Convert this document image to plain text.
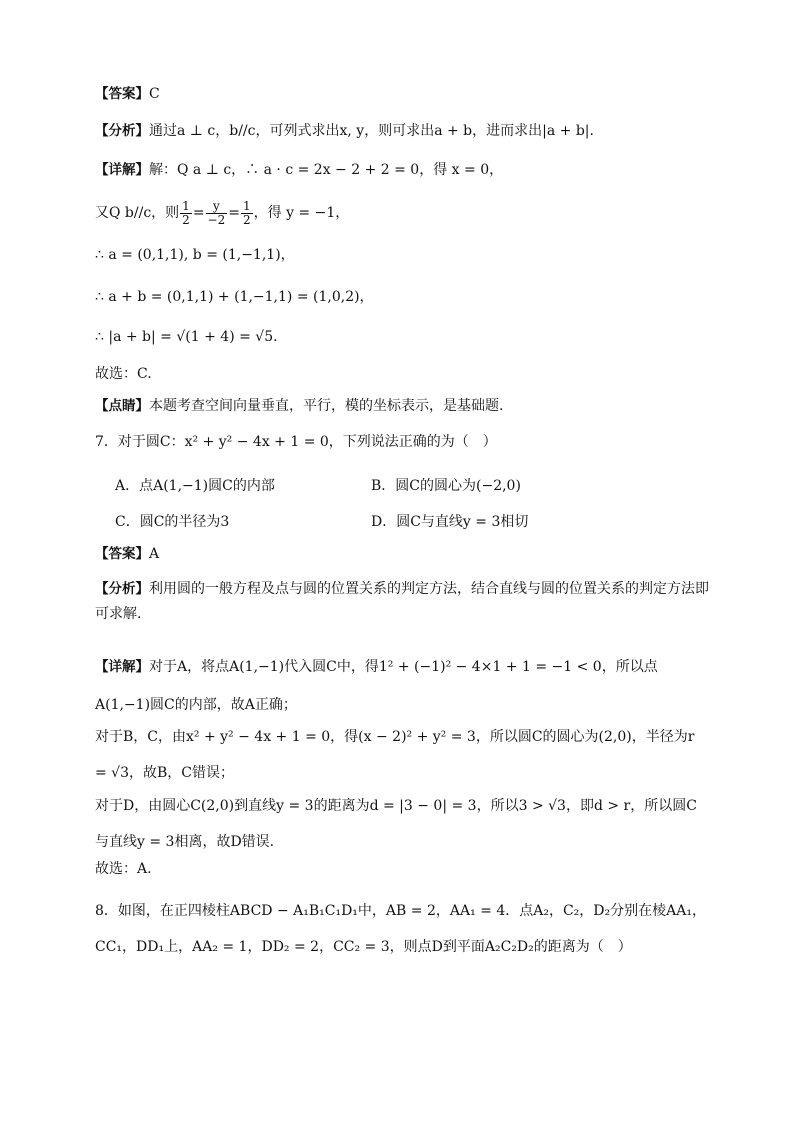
【答案】C
【分析】通过a ⊥ c，b//c，可列式求出x, y，则可求出a + b，进而求出|a + b|.
【详解】解：Q a ⊥ c，∴ a · c = 2x − 2 + 2 = 0，得 x = 0，
又Q b//c，则 $\frac{1}{2} = \frac{y}{-2} = \frac{1}{2}$ ，得 y = −1，
∴ a = (0,1,1), b = (1,−1,1)，
∴ a + b = (0,1,1) + (1,−1,1) = (1,0,2)，
∴ |a + b| = √(1 + 4) = √5.
故选：C.
【点睛】本题考查空间向量垂直，平行，模的坐标表示，是基础题.
7．对于圆C：x² + y² − 4x + 1 = 0，下列说法正确的为（　）
A．点A(1,−1)圆C的内部	B．圆C的圆心为(−2,0)
C．圆C的半径为3	D．圆C与直线y = 3相切
【答案】A
【分析】利用圆的一般方程及点与圆的位置关系的判定方法，结合直线与圆的位置关系的判定方法即可求解.
【详解】对于A，将点A(1,−1)代入圆C中，得1² + (−1)² − 4×1 + 1 = −1 < 0，所以点A(1,−1)圆C的内部，故A正确；
对于B，C，由x² + y² − 4x + 1 = 0，得(x − 2)² + y² = 3，所以圆C的圆心为(2,0)，半径为r = √3，故B，C错误；
对于D，由圆心C(2,0)到直线y = 3的距离为d = |3 − 0| = 3，所以3 > √3，即d > r，所以圆C与直线y = 3相离，故D错误.
故选：A.
8．如图，在正四棱柱ABCD − A₁B₁C₁D₁中，AB = 2，AA₁ = 4．点A₂，C₂，D₂分别在棱AA₁，CC₁，DD₁上，AA₂ = 1，DD₂ = 2，CC₂ = 3，则点D到平面A₂C₂D₂的距离为（　）
